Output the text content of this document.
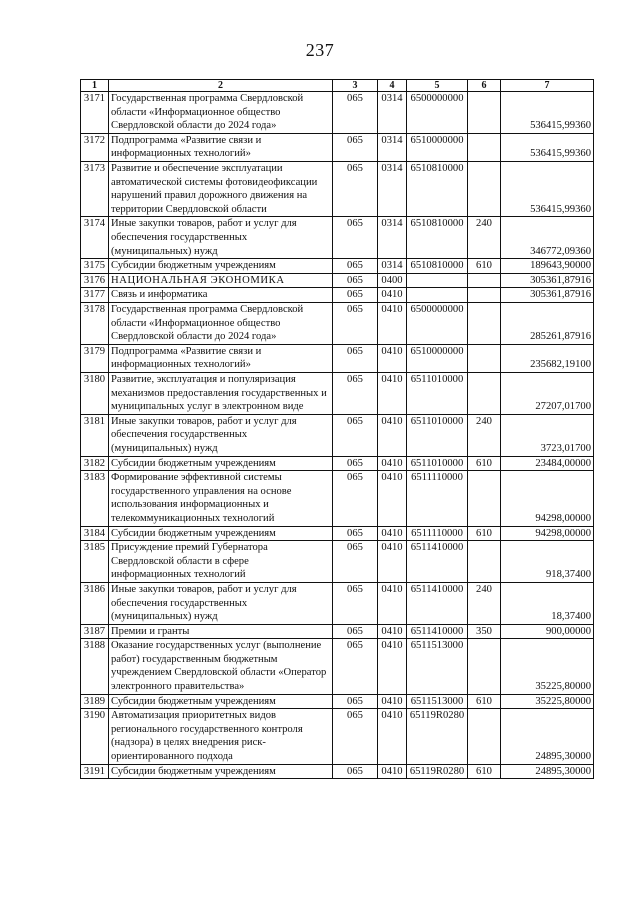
237
1	2	3	4	5	6	7
3171	Государственная программа Свердловской области «Информационное общество Свердловской области до 2024 года»	065	0314	6500000000		536415,99360
3172	Подпрограмма «Развитие связи и информационных технологий»	065	0314	6510000000		536415,99360
3173	Развитие и обеспечение эксплуатации автоматической системы фотовидеофиксации нарушений правил дорожного движения на территории Свердловской области	065	0314	6510810000		536415,99360
3174	Иные закупки товаров, работ и услуг для обеспечения государственных (муниципальных) нужд	065	0314	6510810000	240	346772,09360
3175	Субсидии бюджетным учреждениям	065	0314	6510810000	610	189643,90000
3176	НАЦИОНАЛЬНАЯ ЭКОНОМИКА	065	0400			305361,87916
3177	Связь и информатика	065	0410			305361,87916
3178	Государственная программа Свердловской области «Информационное общество Свердловской области до 2024 года»	065	0410	6500000000		285261,87916
3179	Подпрограмма «Развитие связи и информационных технологий»	065	0410	6510000000		235682,19100
3180	Развитие, эксплуатация и популяризация механизмов предоставления государственных и муниципальных услуг в электронном виде	065	0410	6511010000		27207,01700
3181	Иные закупки товаров, работ и услуг для обеспечения государственных (муниципальных) нужд	065	0410	6511010000	240	3723,01700
3182	Субсидии бюджетным учреждениям	065	0410	6511010000	610	23484,00000
3183	Формирование эффективной системы государственного управления на основе использования информационных и телекоммуникационных технологий	065	0410	6511110000		94298,00000
3184	Субсидии бюджетным учреждениям	065	0410	6511110000	610	94298,00000
3185	Присуждение премий Губернатора Свердловской области в сфере информационных технологий	065	0410	6511410000		918,37400
3186	Иные закупки товаров, работ и услуг для обеспечения государственных (муниципальных) нужд	065	0410	6511410000	240	18,37400
3187	Премии и гранты	065	0410	6511410000	350	900,00000
3188	Оказание государственных услуг (выполнение работ) государственным бюджетным учреждением Свердловской области «Оператор электронного правительства»	065	0410	6511513000		35225,80000
3189	Субсидии бюджетным учреждениям	065	0410	6511513000	610	35225,80000
3190	Автоматизация приоритетных видов регионального государственного контроля (надзора) в целях внедрения риск-ориентированного подхода	065	0410	65119R0280		24895,30000
3191	Субсидии бюджетным учреждениям	065	0410	65119R0280	610	24895,30000
